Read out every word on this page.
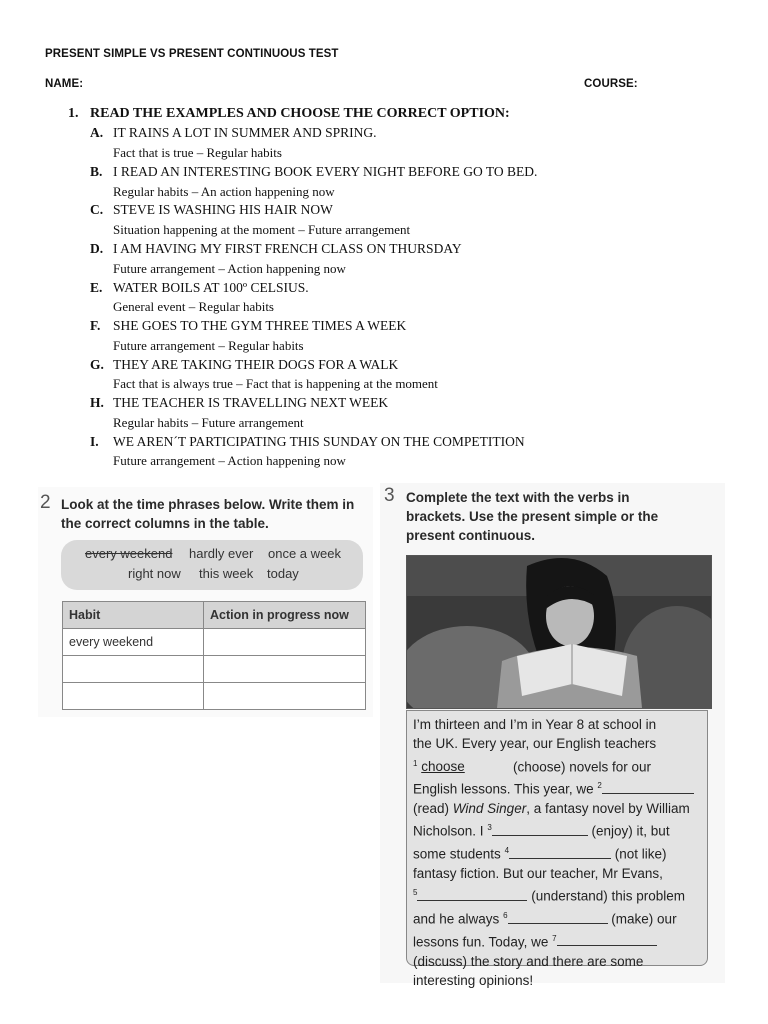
PRESENT SIMPLE VS PRESENT CONTINUOUS TEST
NAME:	COURSE:
1. READ THE EXAMPLES AND CHOOSE THE CORRECT OPTION:
A. IT RAINS A LOT IN SUMMER AND SPRING.
Fact that is true – Regular habits
B. I READ AN INTERESTING BOOK EVERY NIGHT BEFORE GO TO BED.
Regular habits – An action happening now
C. STEVE IS WASHING HIS HAIR NOW
Situation happening at the moment – Future arrangement
D. I AM HAVING MY FIRST FRENCH CLASS ON THURSDAY
Future arrangement – Action happening now
E. WATER BOILS AT 100º CELSIUS.
General event – Regular habits
F. SHE GOES TO THE GYM THREE TIMES A WEEK
Future arrangement – Regular habits
G. THEY ARE TAKING THEIR DOGS FOR A WALK
Fact that is always true – Fact that is happening at the moment
H. THE TEACHER IS TRAVELLING NEXT WEEK
Regular habits – Future arrangement
I. WE AREN´T PARTICIPATING THIS SUNDAY ON THE COMPETITION
Future arrangement – Action happening now
2 Look at the time phrases below. Write them in
the correct columns in the table.
every weekend hardly ever once a week
right now this week today
Habit	Action in progress now
every weekend	

3 Complete the text with the verbs in
brackets. Use the present simple or the
present continuous.
I’m thirteen and I’m in Year 8 at school in
the UK. Every year, our English teachers
$^1$ choose	(choose) novels for our
English lessons. This year, we $^2$
(read) Wind Singer, a fantasy novel by William
Nicholson. I $^3$	(enjoy) it, but
some students $^4$	(not like)
fantasy fiction. But our teacher, Mr Evans,
$^5$	(understand) this problem
and he always $^6$	(make) our
lessons fun. Today, we $^7$
(discuss) the story and there are some
interesting opinions!
